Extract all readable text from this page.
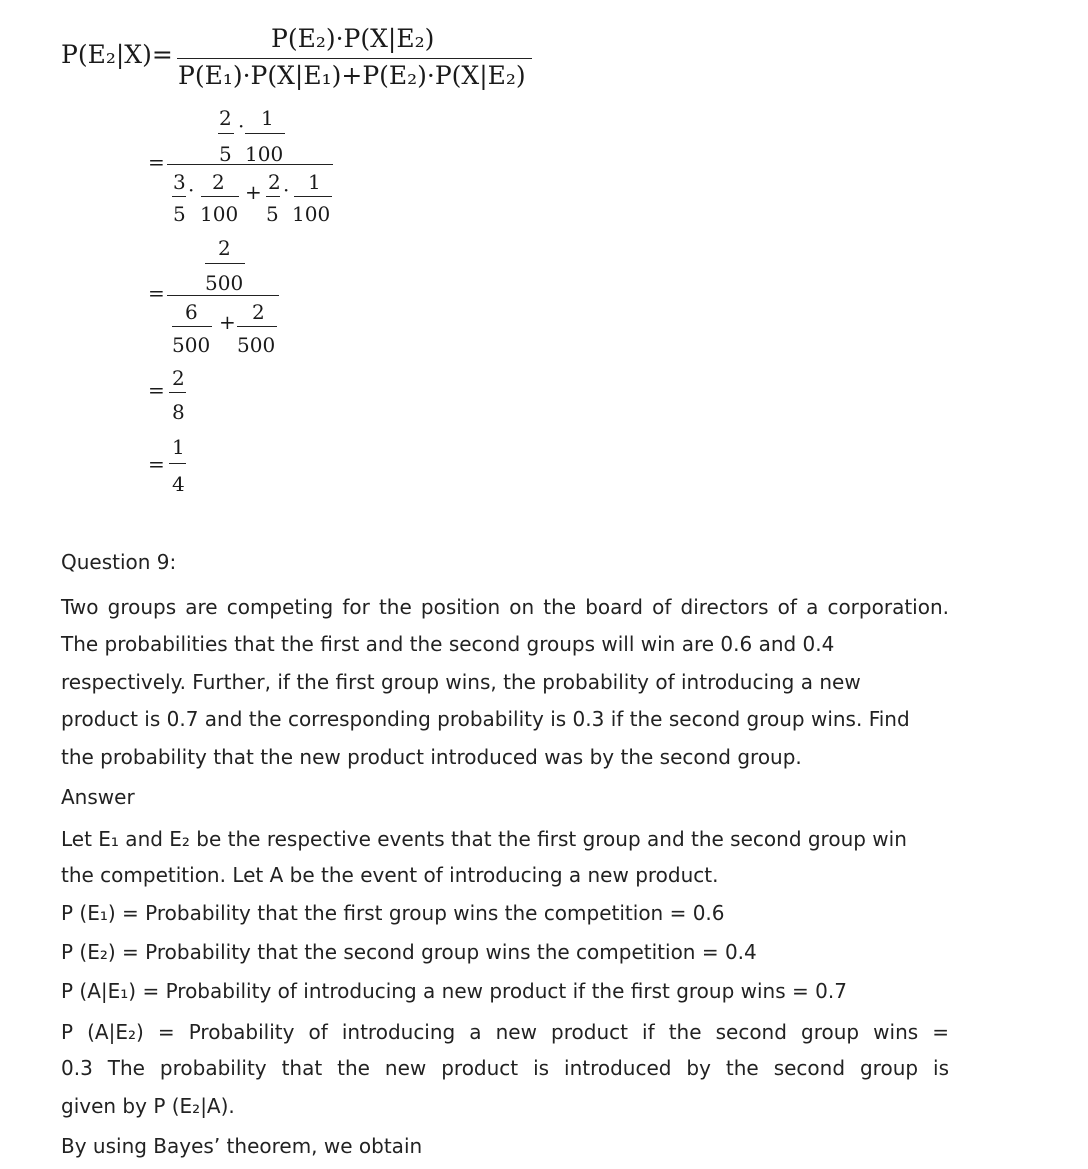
P(E₂|X)=
P(E₂)·P(X|E₂)
P(E₁)·P(X|E₁)+P(E₂)·P(X|E₂)
2 1
·
5 100
=
3 2 2 1
·	+ ·
5 100 5 100
2
500
=
6	2
+
500 500
2
=
8
1
=
4
Question 9:
Two groups are competing for the position on the board of directors of a corporation.
The probabilities that the first and the second groups will win are 0.6 and 0.4
respectively. Further, if the first group wins, the probability of introducing a new
product is 0.7 and the corresponding probability is 0.3 if the second group wins. Find
the probability that the new product introduced was by the second group.
Answer
Let E₁ and E₂ be the respective events that the first group and the second group win
the competition. Let A be the event of introducing a new product.
P (E₁) = Probability that the first group wins the competition = 0.6
P (E₂) = Probability that the second group wins the competition = 0.4
P (A|E₁) = Probability of introducing a new product if the first group wins = 0.7
P (A|E₂) = Probability of introducing a new product if the second group wins =
0.3 The probability that the new product is introduced by the second group is
given by P (E₂|A).
By using Bayes’ theorem, we obtain
